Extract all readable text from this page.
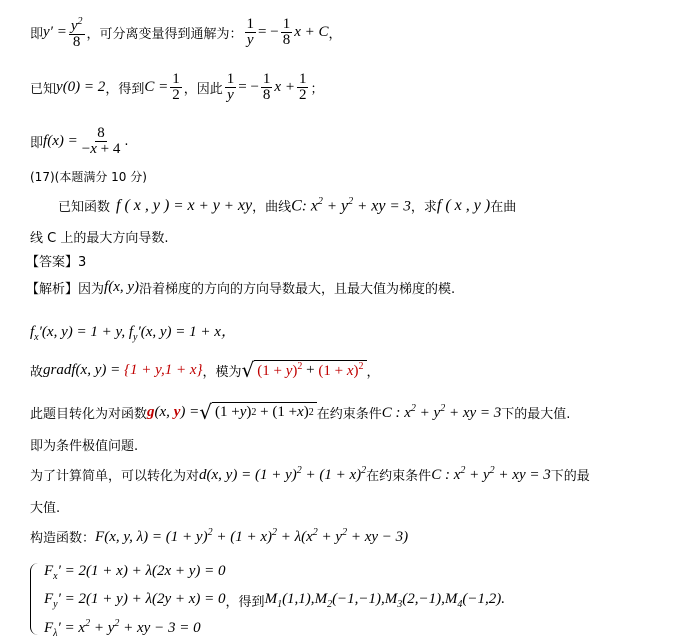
即 $y' = \frac{y^2}{8}$ ，可分离变量得到通解为： $\frac{1}{y}$ = − $\frac{1}{8}$ x + C ，
已知 y(0) = 2 ，得到 $C = \frac{1}{2}$ ，因此 $\frac{1}{y}$ = − $\frac{1}{8}$ $x + \frac{1}{2}$ ；
即 $f(x) = \frac{8}{-x + 4}$ .
(17)(本题满分 10 分)
已知函数 f ( x , y ) = x + y + xy ，曲线 C: $x^2 + y^2$ + xy = 3 ，求 f ( x , y ) 在曲
线 C 上的最大方向导数.
【答案】3
【解析】因为 f(x, y) 沿着梯度的方向的方向导数最大，且最大值为梯度的模.
$f_x'(x$, y) = 1 + y, $f_y'(x$, y) = 1 + x，
故 gradf(x, y) = {1 + y,1 + x} ，模为 √ $(1 + y)^2 + (1 + x)^2$ ，
此题目转化为对函数 g(x, y) = √ (1 + y ) 2 + (1 + x ) 2 在约束条件 C : $x^2 + y^2$ + xy = 3 下的最大值.
即为条件极值问题.
为了计算简单，可以转化为对 d(x, $y) = (1 + y)^2 + (1 + x)^2$ 在约束条件 C : $x^2 + y^2$ + xy = 3 下的最
大值.
构造函数： F(x, y, $\lambda) = (1 + y)^2 + (1 + x)^2 + \lambda(x^2 + y^2$ + xy − 3)
$F_x' = 2(1 + x) + \lambda(2x + y) = 0$
$F_y' = 2(1 + y) + \lambda(2y + x) = 0$ ，得到 $M_1(1,1),M_2(-1,-1),M_3(2,-1),M_4(-1,2)$.
$F_\lambda' = x^2 + y^2$ + xy − 3 = 0
